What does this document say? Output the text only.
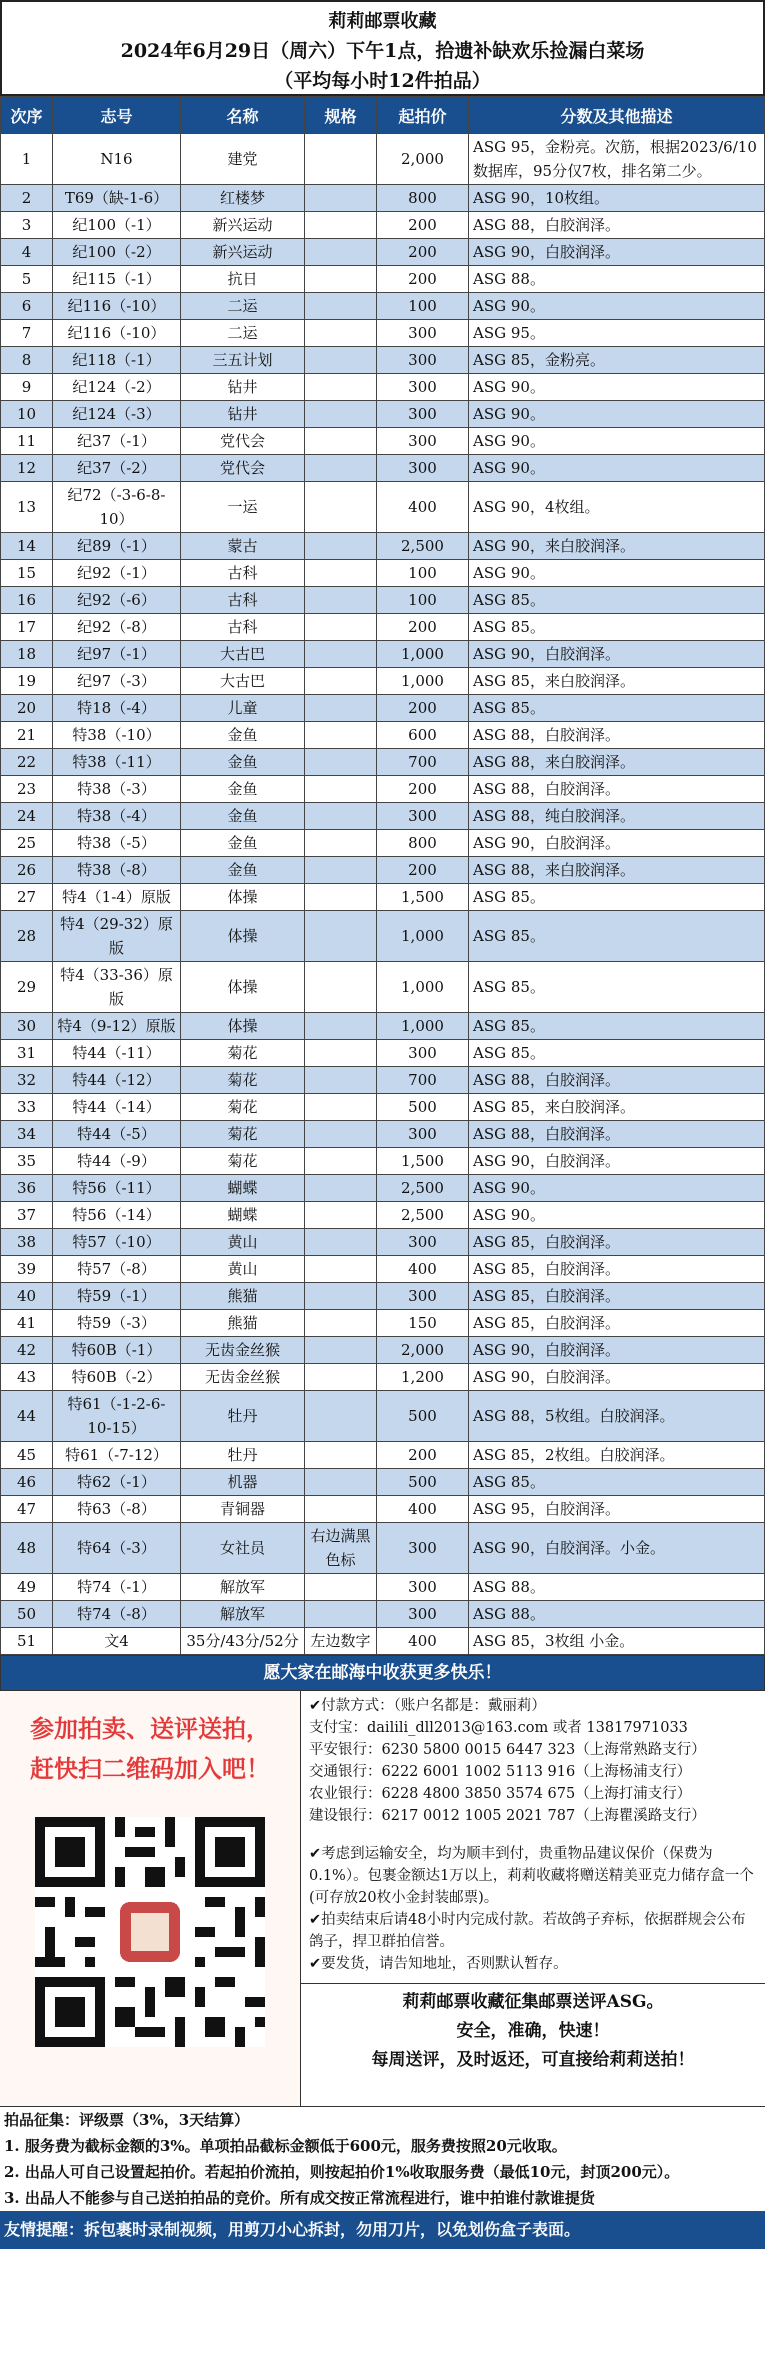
莉莉邮票收藏
2024年6月29日（周六）下午1点，拾遗补缺欢乐捡漏白菜场
（平均每小时12件拍品）
次序	志号	名称	规格	起拍价	分数及其他描述
1	N16	建党		2,000	ASG 95，金粉亮。次筋，根据2023/6/10数据库，95分仅7枚，排名第二少。
2	T69（缺-1-6）	红楼梦		800	ASG 90，10枚组。
3	纪100（-1）	新兴运动		200	ASG 88，白胶润泽。
4	纪100（-2）	新兴运动		200	ASG 90，白胶润泽。
5	纪115（-1）	抗日		200	ASG 88。
6	纪116（-10）	二运		100	ASG 90。
7	纪116（-10）	二运		300	ASG 95。
8	纪118（-1）	三五计划		300	ASG 85，金粉亮。
9	纪124（-2）	钻井		300	ASG 90。
10	纪124（-3）	钻井		300	ASG 90。
11	纪37（-1）	党代会		300	ASG 90。
12	纪37（-2）	党代会		300	ASG 90。
13	纪72（-3-6-8-10）	一运		400	ASG 90，4枚组。
14	纪89（-1）	蒙古		2,500	ASG 90，来白胶润泽。
15	纪92（-1）	古科		100	ASG 90。
16	纪92（-6）	古科		100	ASG 85。
17	纪92（-8）	古科		200	ASG 85。
18	纪97（-1）	大古巴		1,000	ASG 90，白胶润泽。
19	纪97（-3）	大古巴		1,000	ASG 85，来白胶润泽。
20	特18（-4）	儿童		200	ASG 85。
21	特38（-10）	金鱼		600	ASG 88，白胶润泽。
22	特38（-11）	金鱼		700	ASG 88，来白胶润泽。
23	特38（-3）	金鱼		200	ASG 88，白胶润泽。
24	特38（-4）	金鱼		300	ASG 88，纯白胶润泽。
25	特38（-5）	金鱼		800	ASG 90，白胶润泽。
26	特38（-8）	金鱼		200	ASG 88，来白胶润泽。
27	特4（1-4）原版	体操		1,500	ASG 85。
28	特4（29-32）原版	体操		1,000	ASG 85。
29	特4（33-36）原版	体操		1,000	ASG 85。
30	特4（9-12）原版	体操		1,000	ASG 85。
31	特44（-11）	菊花		300	ASG 85。
32	特44（-12）	菊花		700	ASG 88，白胶润泽。
33	特44（-14）	菊花		500	ASG 85，来白胶润泽。
34	特44（-5）	菊花		300	ASG 88，白胶润泽。
35	特44（-9）	菊花		1,500	ASG 90，白胶润泽。
36	特56（-11）	蝴蝶		2,500	ASG 90。
37	特56（-14）	蝴蝶		2,500	ASG 90。
38	特57（-10）	黄山		300	ASG 85，白胶润泽。
39	特57（-8）	黄山		400	ASG 85，白胶润泽。
40	特59（-1）	熊猫		300	ASG 85，白胶润泽。
41	特59（-3）	熊猫		150	ASG 85，白胶润泽。
42	特60B（-1）	无齿金丝猴		2,000	ASG 90，白胶润泽。
43	特60B（-2）	无齿金丝猴		1,200	ASG 90，白胶润泽。
44	特61（-1-2-6-10-15）	牡丹		500	ASG 88，5枚组。白胶润泽。
45	特61（-7-12）	牡丹		200	ASG 85，2枚组。白胶润泽。
46	特62（-1）	机器		500	ASG 85。
47	特63（-8）	青铜器		400	ASG 95，白胶润泽。
48	特64（-3）	女社员	右边满黑色标	300	ASG 90，白胶润泽。小金。
49	特74（-1）	解放军		300	ASG 88。
50	特74（-8）	解放军		300	ASG 88。
51	文4	35分/43分/52分	左边数字	400	ASG 85，3枚组 小金。
愿大家在邮海中收获更多快乐！
参加拍卖、送评送拍，
赶快扫二维码加入吧！

✔付款方式：（账户名都是：戴丽莉）

支付宝：dailili_dll2013@163.com 或者 13817971033

平安银行：6230 5800 0015 6447 323（上海常熟路支行）

交通银行：6222 6001 1002 5113 916（上海杨浦支行）

农业银行：6228 4800 3850 3574 675（上海打浦支行）

建设银行：6217 0012 1005 2021 787（上海瞿溪路支行）

✔考虑到运输安全，均为顺丰到付，贵重物品建议保价（保费为0.1%）。包裹金额达1万以上，莉莉收藏将赠送精美亚克力储存盒一个(可存放20枚小金封装邮票)。

✔拍卖结束后请48小时内完成付款。若故鸽子弃标，依据群规会公布鸽子，捍卫群拍信誉。

✔要发货，请告知地址，否则默认暂存。

莉莉邮票收藏征集邮票送评ASG。
安全，准确，快速！
每周送评，及时返还，可直接给莉莉送拍！
拍品征集：评级票（3%，3天结算）
1. 服务费为截标金额的3%。单项拍品截标金额低于600元，服务费按照20元收取。
2. 出品人可自己设置起拍价。若起拍价流拍，则按起拍价1%收取服务费（最低10元，封顶200元）。
3. 出品人不能参与自己送拍拍品的竞价。所有成交按正常流程进行，谁中拍谁付款谁提货
友情提醒：拆包裹时录制视频，用剪刀小心拆封，勿用刀片，以免划伤盒子表面。
